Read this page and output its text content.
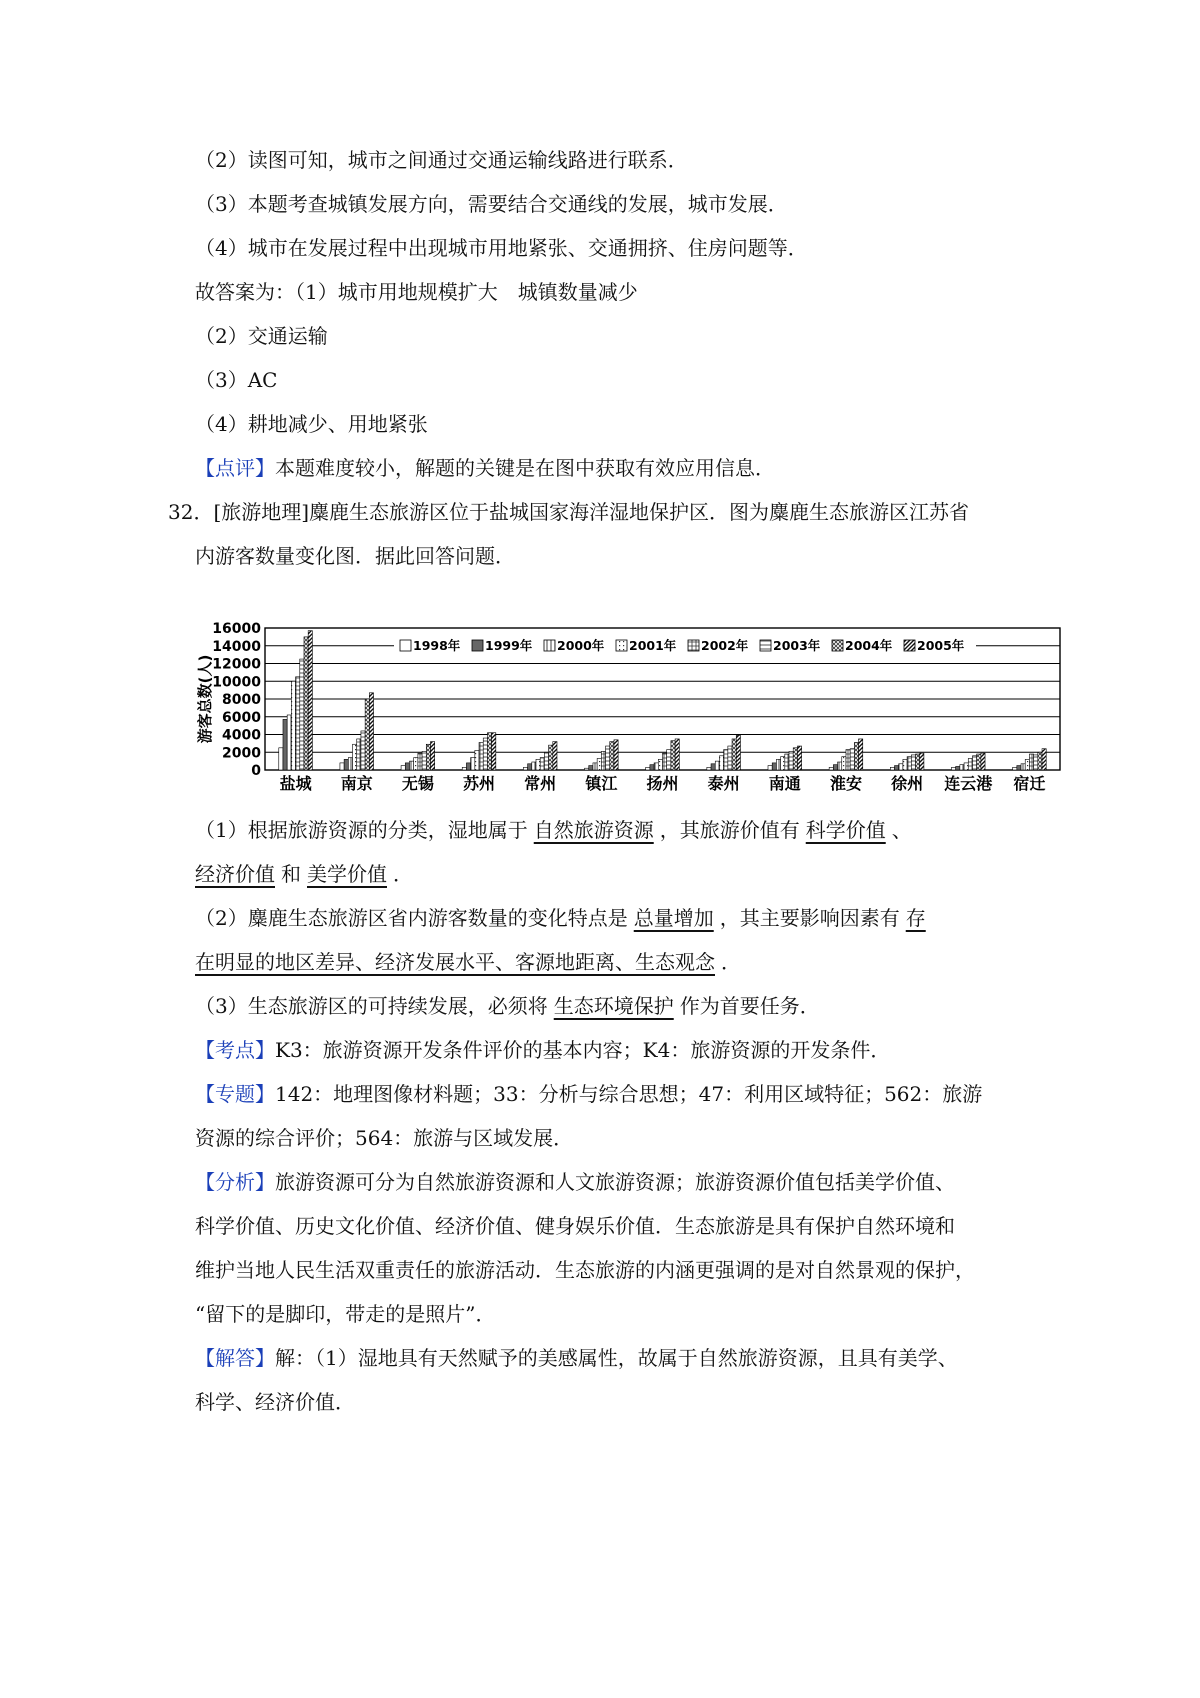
（2）读图可知，城市之间通过交通运输线路进行联系．
（3）本题考查城镇发展方向，需要结合交通线的发展，城市发展．
（4）城市在发展过程中出现城市用地紧张、交通拥挤、住房问题等．
故答案为：（1）城市用地规模扩大　城镇数量减少
（2）交通运输
（3）AC
（4）耕地减少、用地紧张
【点评】本题难度较小，解题的关键是在图中获取有效应用信息．
32．[旅游地理]麋鹿生态旅游区位于盐城国家海洋湿地保护区．图为麋鹿生态旅游区江苏省
内游客数量变化图．据此回答问题．
0
2000
4000
6000
8000
10000
12000
14000
16000
游客总数(人)
盐城 南京 无锡 苏州 常州 镇江 扬州 泰州 南通 淮安 徐州 连云港 宿迁
1998年 1999年 2000年 2001年 2002年 2003年 2004年 2005年
（1）根据旅游资源的分类，湿地属于 自然旅游资源 ，其旅游价值有 科学价值 、
经济价值 和 美学价值 ．
（2）麋鹿生态旅游区省内游客数量的变化特点是 总量增加 ，其主要影响因素有 存
在明显的地区差异、经济发展水平、客源地距离、生态观念 ．
（3）生态旅游区的可持续发展，必须将 生态环境保护 作为首要任务．
【考点】K3：旅游资源开发条件评价的基本内容；K4：旅游资源的开发条件．
【专题】142：地理图像材料题；33：分析与综合思想；47：利用区域特征；562：旅游
资源的综合评价；564：旅游与区域发展．
【分析】旅游资源可分为自然旅游资源和人文旅游资源；旅游资源价值包括美学价值、
科学价值、历史文化价值、经济价值、健身娱乐价值．生态旅游是具有保护自然环境和
维护当地人民生活双重责任的旅游活动．生态旅游的内涵更强调的是对自然景观的保护，
“留下的是脚印，带走的是照片”．
【解答】解：（1）湿地具有天然赋予的美感属性，故属于自然旅游资源，且具有美学、
科学、经济价值．
